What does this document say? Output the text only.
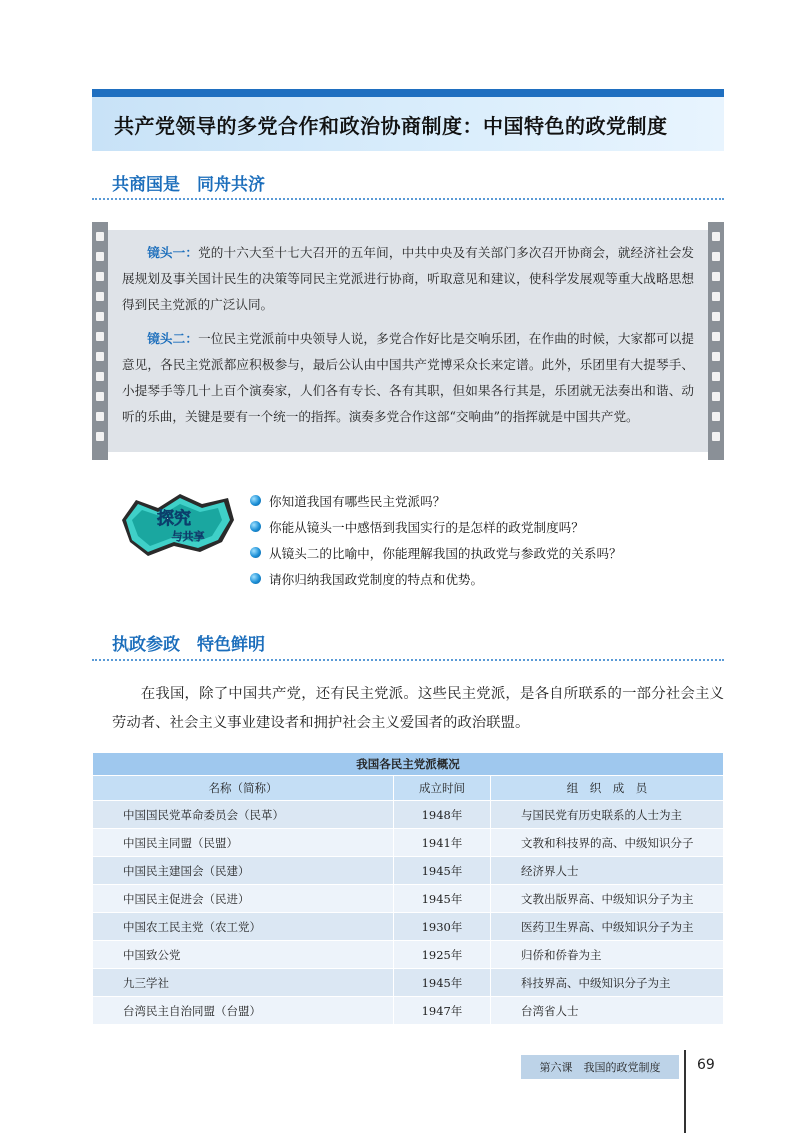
共产党领导的多党合作和政治协商制度：中国特色的政党制度
共商国是　同舟共济

镜头一：党的十六大至十七大召开的五年间，中共中央及有关部门多次召开协商会，就经济社会发展规划及事关国计民生的决策等同民主党派进行协商，听取意见和建议，使科学发展观等重大战略思想得到民主党派的广泛认同。

镜头二：一位民主党派前中央领导人说，多党合作好比是交响乐团，在作曲的时候，大家都可以提意见，各民主党派都应积极参与，最后公认由中国共产党博采众长来定谱。此外，乐团里有大提琴手、小提琴手等几十上百个演奏家，人们各有专长、各有其职，但如果各行其是，乐团就无法奏出和谐、动听的乐曲，关键是要有一个统一的指挥。演奏多党合作这部“交响曲”的指挥就是中国共产党。

探究
与共享
你知道我国有哪些民主党派吗？
你能从镜头一中感悟到我国实行的是怎样的政党制度吗？
从镜头二的比喻中，你能理解我国的执政党与参政党的关系吗？
请你归纳我国政党制度的特点和优势。
执政参政　特色鲜明

在我国，除了中国共产党，还有民主党派。这些民主党派，是各自所联系的一部分社会主义劳动者、社会主义事业建设者和拥护社会主义爱国者的政治联盟。

我国各民主党派概况		
名称（简称）	成立时间	组　织　成　员
中国国民党革命委员会（民革）	1948年	与国民党有历史联系的人士为主
中国民主同盟（民盟）	1941年	文教和科技界的高、中级知识分子
中国民主建国会（民建）	1945年	经济界人士
中国民主促进会（民进）	1945年	文教出版界高、中级知识分子为主
中国农工民主党（农工党）	1930年	医药卫生界高、中级知识分子为主
中国致公党	1925年	归侨和侨眷为主
九三学社	1945年	科技界高、中级知识分子为主
台湾民主自治同盟（台盟）	1947年	台湾省人士
第六课　我国的政党制度	69
